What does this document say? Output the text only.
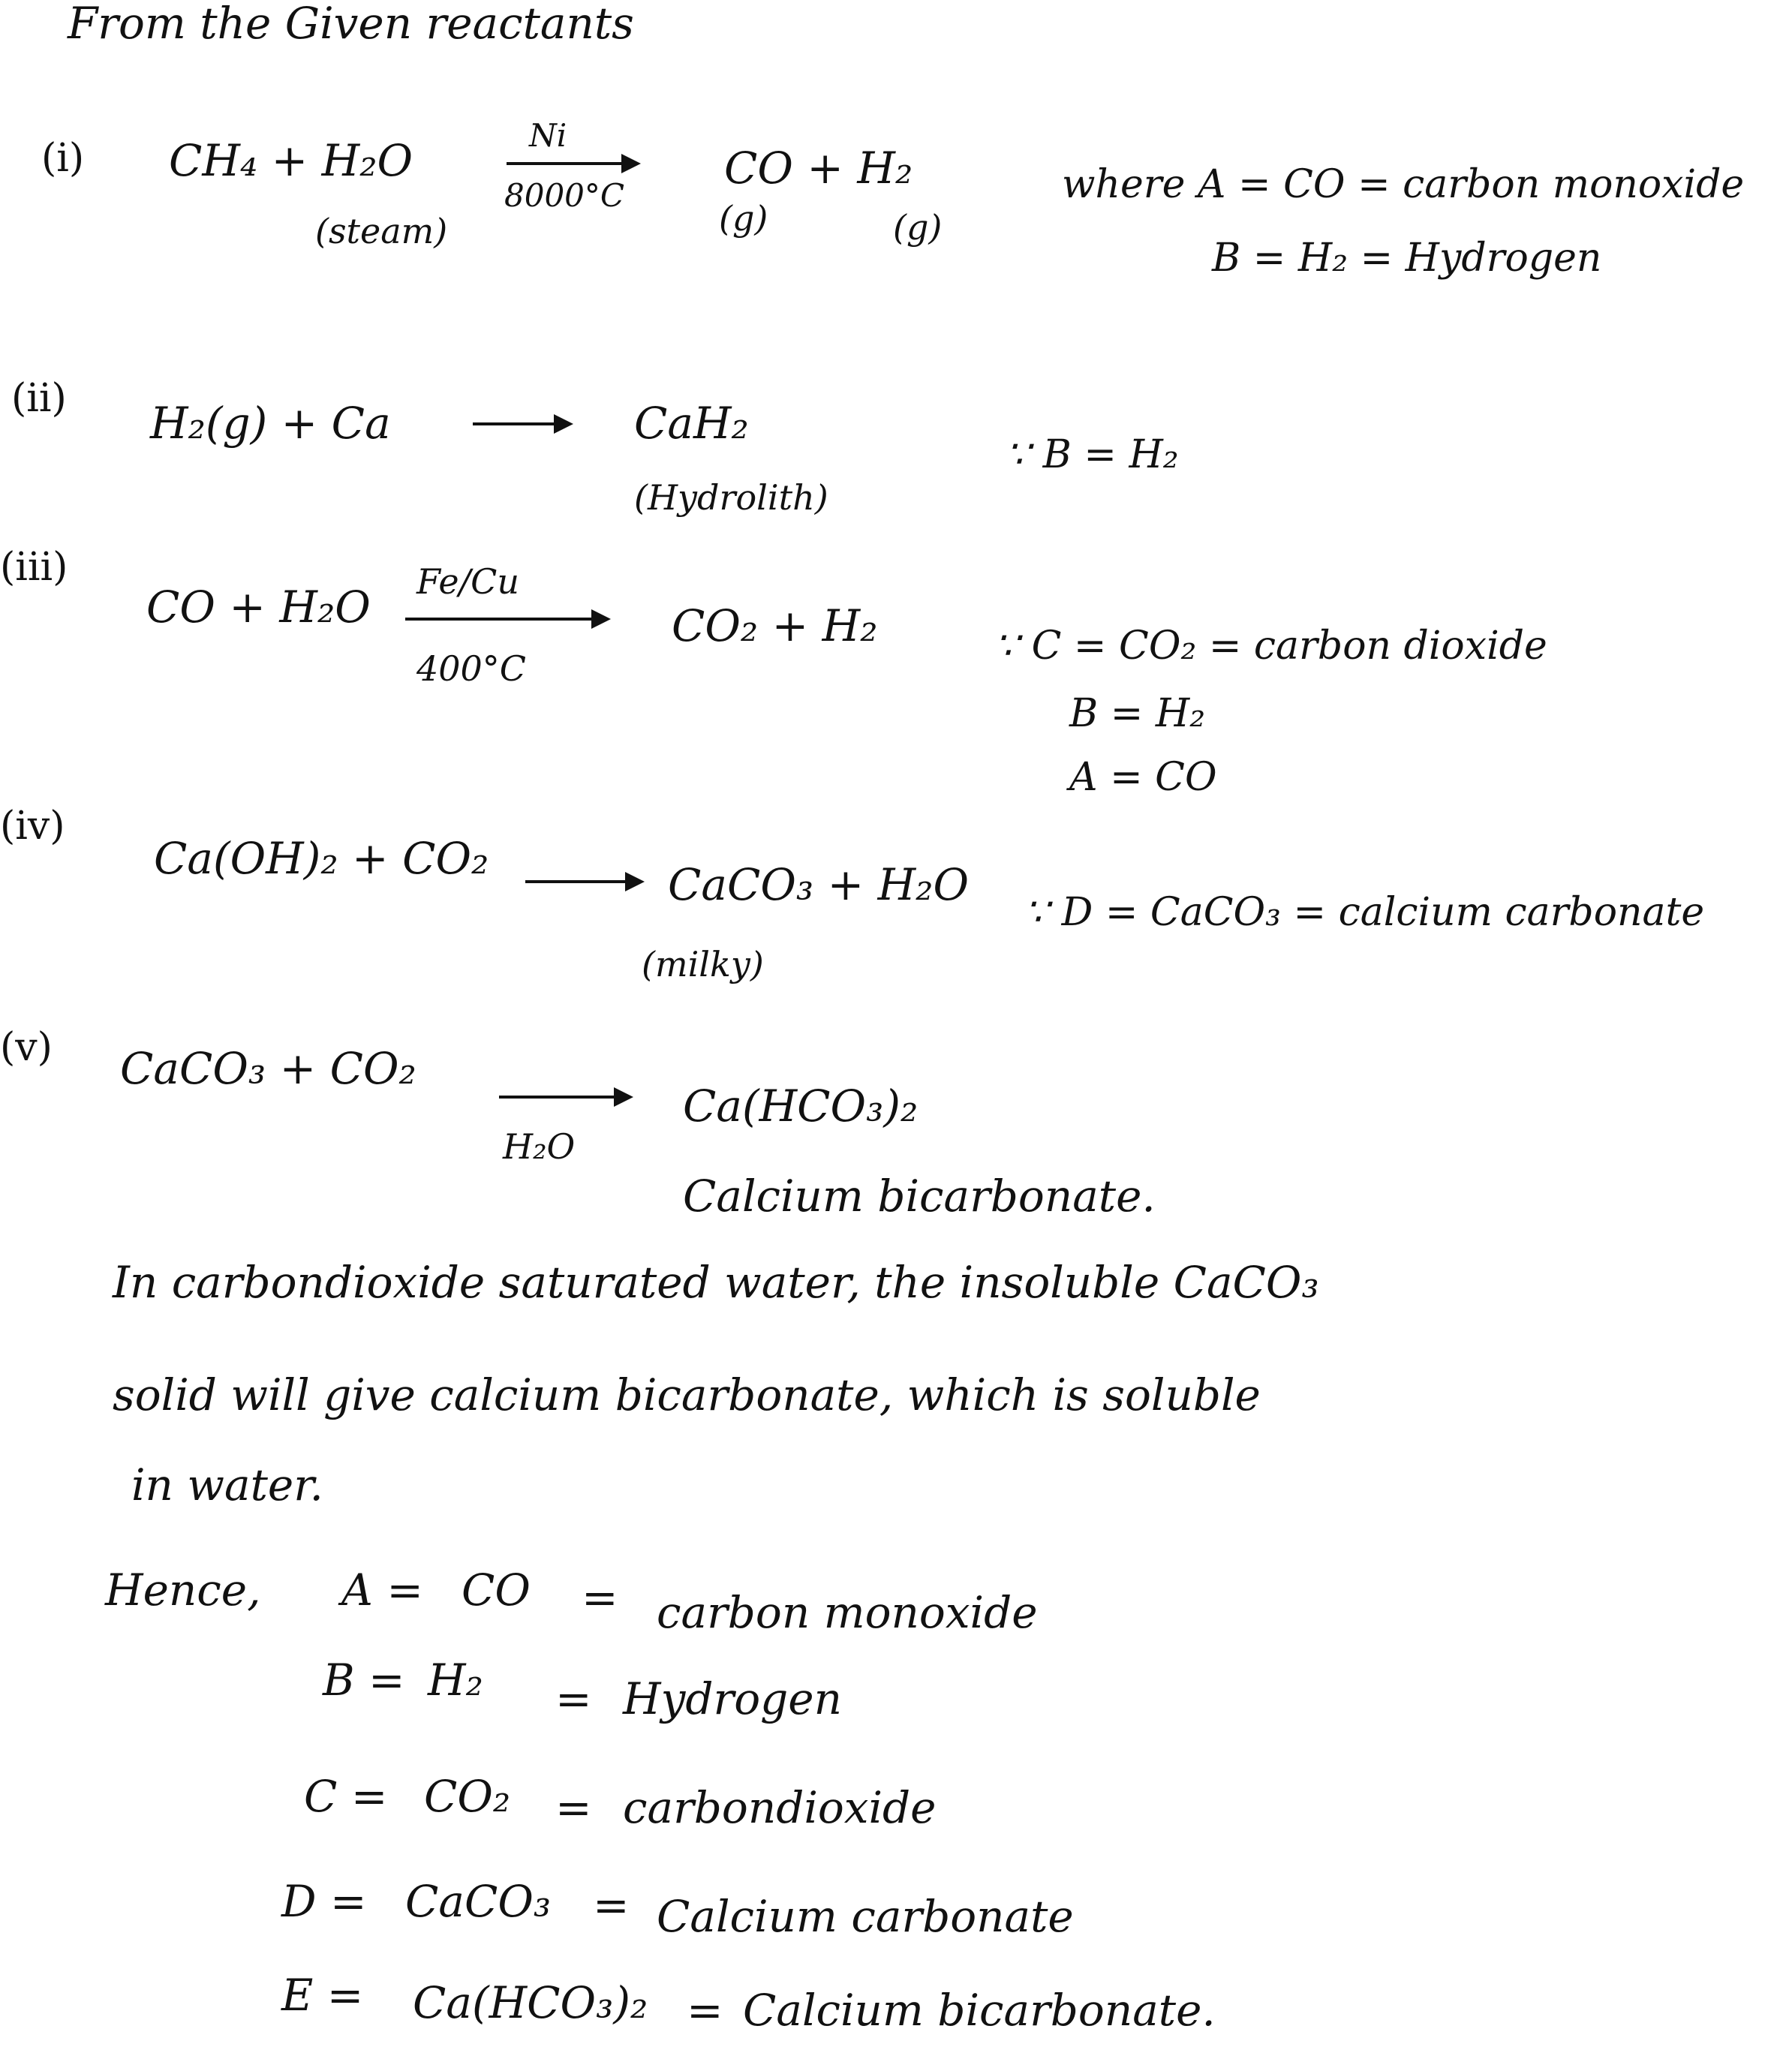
From the Given reactants
(i) CH₄ + H₂O
(steam)
Ni
8000°C
CO + H₂
(g)	(g)
where A = CO = carbon monoxide
B = H₂ = Hydrogen
(ii) H₂(g) + Ca	CaH₂
(Hydrolith)
∵ B = H₂
(iii)
CO + H₂O Fe/Cu
400°C
CO₂ + H₂	∵ C = CO₂ = carbon dioxide
B = H₂
A = CO
(iv)
Ca(OH)₂ + CO₂
CaCO₃ + H₂O
(milky)
∵ D = CaCO₃ = calcium carbonate
(v) CaCO₃ + CO₂
H₂O
Ca(HCO₃)₂
Calcium bicarbonate.
In carbondioxide saturated water, the insoluble CaCO₃
solid will give calcium bicarbonate, which is soluble
in water.
Hence, A = CO = carbon monoxide
B = H₂ = Hydrogen
C = CO₂ = carbondioxide
D = CaCO₃ = Calcium carbonate
E = Ca(HCO₃)₂ = Calcium bicarbonate.
